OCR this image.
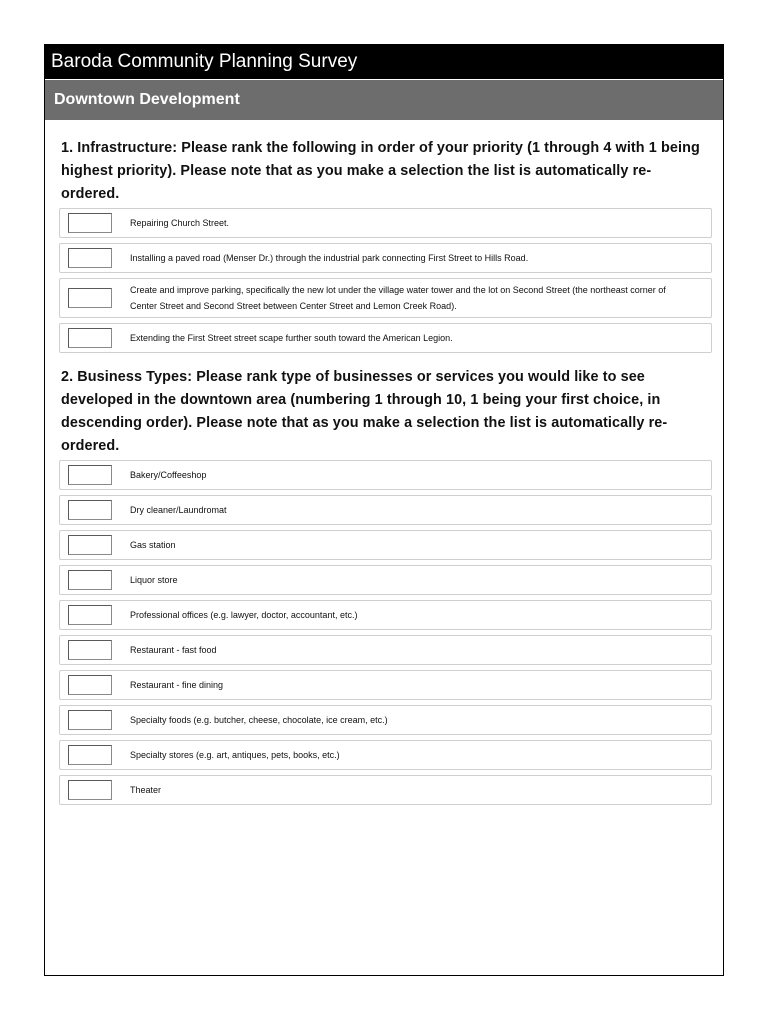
Baroda Community Planning Survey
Downtown Development

1. Infrastructure: Please rank the following in order of your priority (1 through 4 with 1 being highest priority). Please note that as you make a selection the list is automatically re-ordered.

Repairing Church Street.
Installing a paved road (Menser Dr.) through the industrial park connecting First Street to Hills Road.
Create and improve parking, specifically the new lot under the village water tower and the lot on Second Street (the northeast corner of Center Street and Second Street between Center Street and Lemon Creek Road).
Extending the First Street street scape further south toward the American Legion.

2. Business Types: Please rank type of businesses or services you would like to see developed in the downtown area (numbering 1 through 10, 1 being your first choice, in descending order). Please note that as you make a selection the list is automatically re-ordered.

Bakery/Coffeeshop
Dry cleaner/Laundromat
Gas station
Liquor store
Professional offices (e.g. lawyer, doctor, accountant, etc.)
Restaurant - fast food
Restaurant - fine dining
Specialty foods (e.g. butcher, cheese, chocolate, ice cream, etc.)
Specialty stores (e.g. art, antiques, pets, books, etc.)
Theater
